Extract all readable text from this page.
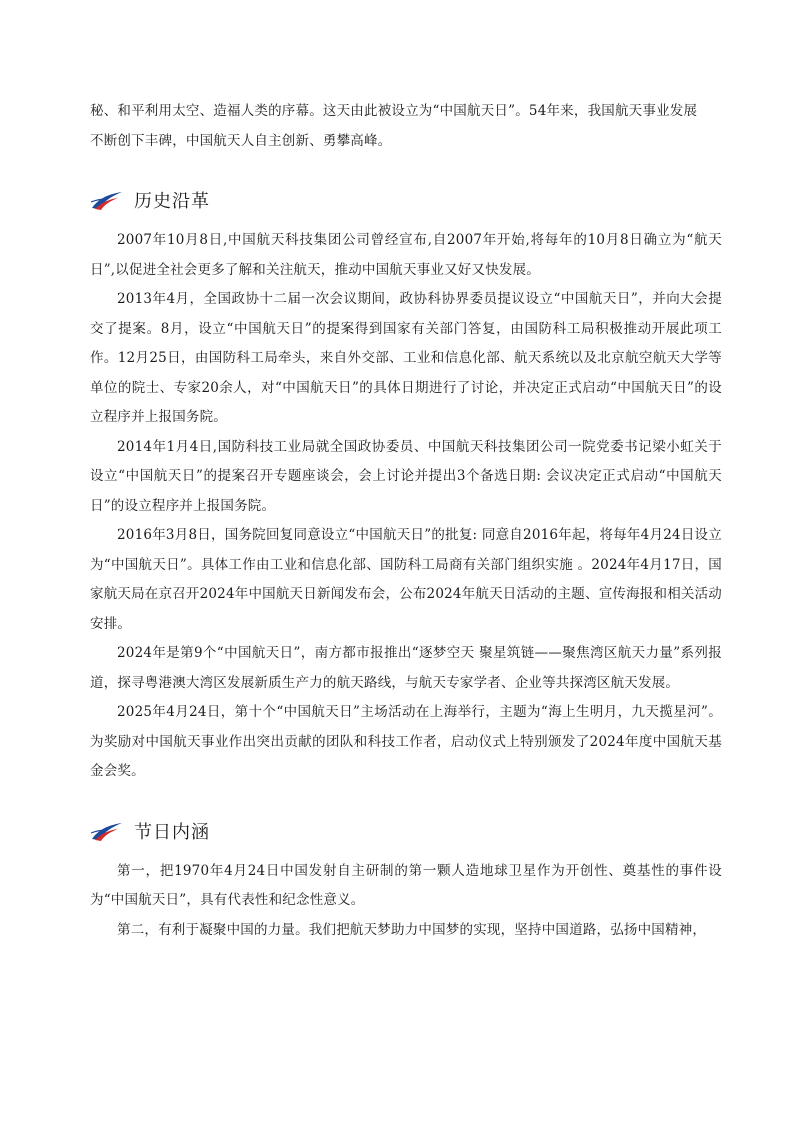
秘、和平利用太空、造福人类的序幕。这天由此被设立为“中国航天日”。54年来，我国航天事业发展

不断创下丰碑，中国航天人自主创新、勇攀高峰。

历史沿革

2007年10月8日,中国航天科技集团公司曾经宣布,自2007年开始,将每年的10月8日确立为“航天日”,以促进全社会更多了解和关注航天，推动中国航天事业又好又快发展。

2013年4月，全国政协十二届一次会议期间，政协科协界委员提议设立“中国航天日”，并向大会提交了提案。8月，设立“中国航天日”的提案得到国家有关部门答复，由国防科工局积极推动开展此项工作。12月25日，由国防科工局牵头，来自外交部、工业和信息化部、航天系统以及北京航空航天大学等单位的院士、专家20余人，对“中国航天日”的具体日期进行了讨论，并决定正式启动“中国航天日”的设立程序并上报国务院。

2014年1月4日,国防科技工业局就全国政协委员、中国航天科技集团公司一院党委书记梁小虹关于设立“中国航天日”的提案召开专题座谈会，会上讨论并提出3个备选日期: 会议决定正式启动“中国航天日”的设立程序并上报国务院。

2016年3月8日，国务院回复同意设立“中国航天日”的批复: 同意自2016年起，将每年4月24日设立为“中国航天日”。具体工作由工业和信息化部、国防科工局商有关部门组织实施 。2024年4月17日，国家航天局在京召开2024年中国航天日新闻发布会，公布2024年航天日活动的主题、宣传海报和相关活动安排。

2024年是第9个“中国航天日”，南方都市报推出“逐梦空天 聚星筑链——聚焦湾区航天力量”系列报道，探寻粤港澳大湾区发展新质生产力的航天路线，与航天专家学者、企业等共探湾区航天发展。

2025年4月24日，第十个“中国航天日”主场活动在上海举行，主题为“海上生明月，九天揽星河”。为奖励对中国航天事业作出突出贡献的团队和科技工作者，启动仪式上特别颁发了2024年度中国航天基金会奖。

节日内涵

第一，把1970年4月24日中国发射自主研制的第一颗人造地球卫星作为开创性、奠基性的事件设为“中国航天日”，具有代表性和纪念性意义。

第二，有利于凝聚中国的力量。我们把航天梦助力中国梦的实现，坚持中国道路，弘扬中国精神，
